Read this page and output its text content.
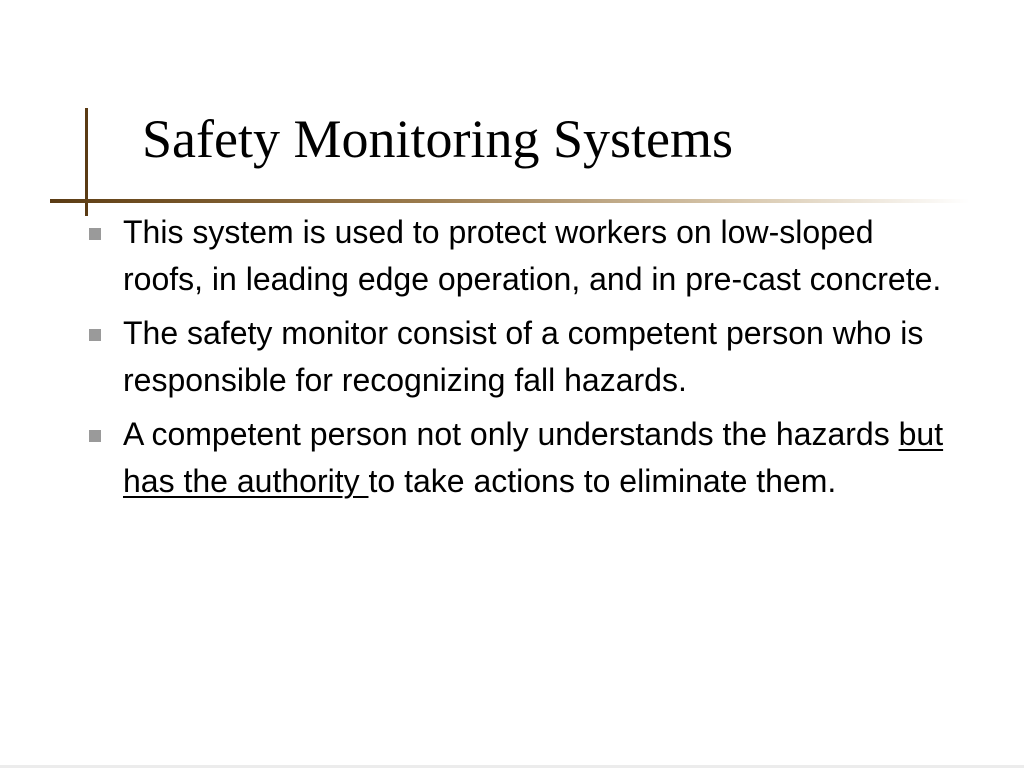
Safety Monitoring Systems
This system is used to protect workers on low-sloped roofs, in leading edge operation, and in pre-cast concrete.
The safety monitor consist of a competent person who is responsible for recognizing fall hazards.
A competent person not only understands the hazards but has the authority to take actions to eliminate them.
